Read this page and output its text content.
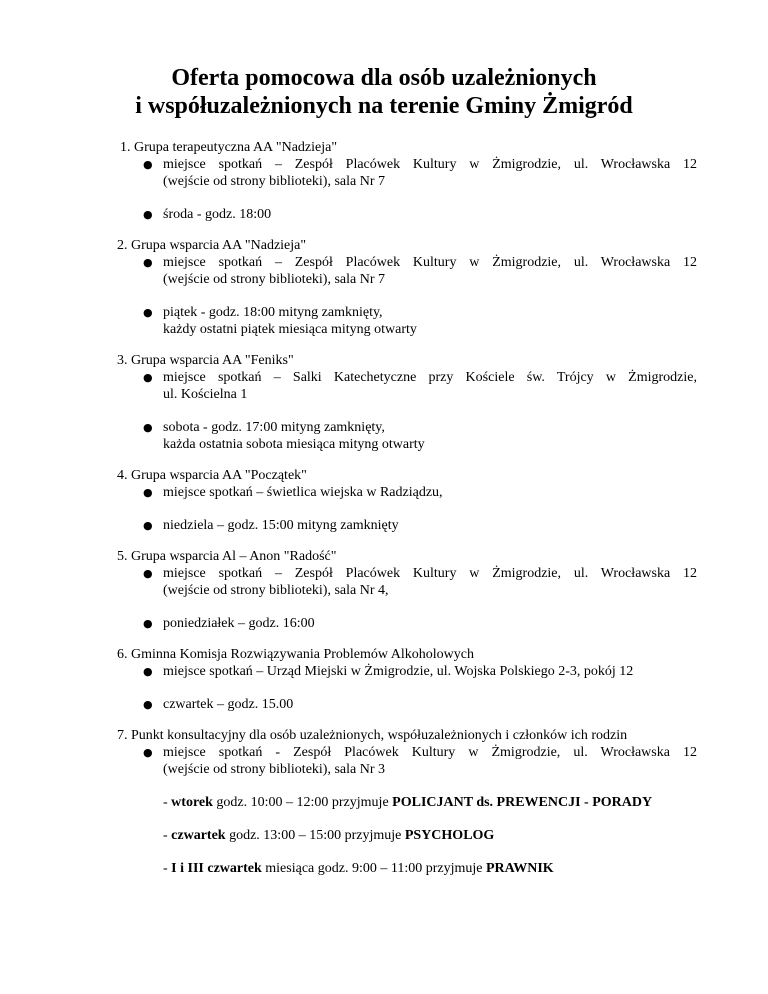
Oferta pomocowa dla osób uzależnionych
i współuzależnionych na terenie Gminy Żmigród
1. Grupa terapeutyczna AA "Nadzieja"
● miejsce spotkań – Zespół Placówek Kultury w Żmigrodzie, ul. Wrocławska 12
(wejście od strony biblioteki), sala Nr 7
● środa - godz. 18:00
2. Grupa wsparcia AA "Nadzieja"
● miejsce spotkań – Zespół Placówek Kultury w Żmigrodzie, ul. Wrocławska 12
(wejście od strony biblioteki), sala Nr 7
● piątek - godz. 18:00 mityng zamknięty,
każdy ostatni piątek miesiąca mityng otwarty
3. Grupa wsparcia AA "Feniks"
● miejsce spotkań – Salki Katechetyczne przy Kościele św. Trójcy w Żmigrodzie,
ul. Kościelna 1
● sobota - godz. 17:00 mityng zamknięty,
każda ostatnia sobota miesiąca mityng otwarty
4. Grupa wsparcia AA "Początek"
● miejsce spotkań – świetlica wiejska w Radziądzu,
● niedziela – godz. 15:00 mityng zamknięty
5. Grupa wsparcia Al – Anon "Radość"
● miejsce spotkań – Zespół Placówek Kultury w Żmigrodzie, ul. Wrocławska 12
(wejście od strony biblioteki), sala Nr 4,
● poniedziałek – godz. 16:00
6. Gminna Komisja Rozwiązywania Problemów Alkoholowych
● miejsce spotkań – Urząd Miejski w Żmigrodzie, ul. Wojska Polskiego 2-3, pokój 12
● czwartek – godz. 15.00
7. Punkt konsultacyjny dla osób uzależnionych, współuzależnionych i członków ich rodzin
● miejsce spotkań - Zespół Placówek Kultury w Żmigrodzie, ul. Wrocławska 12
(wejście od strony biblioteki), sala Nr 3
- wtorek godz. 10:00 – 12:00 przyjmuje POLICJANT ds. PREWENCJI - PORADY
- czwartek godz. 13:00 – 15:00 przyjmuje PSYCHOLOG
- I i III czwartek miesiąca godz. 9:00 – 11:00 przyjmuje PRAWNIK
